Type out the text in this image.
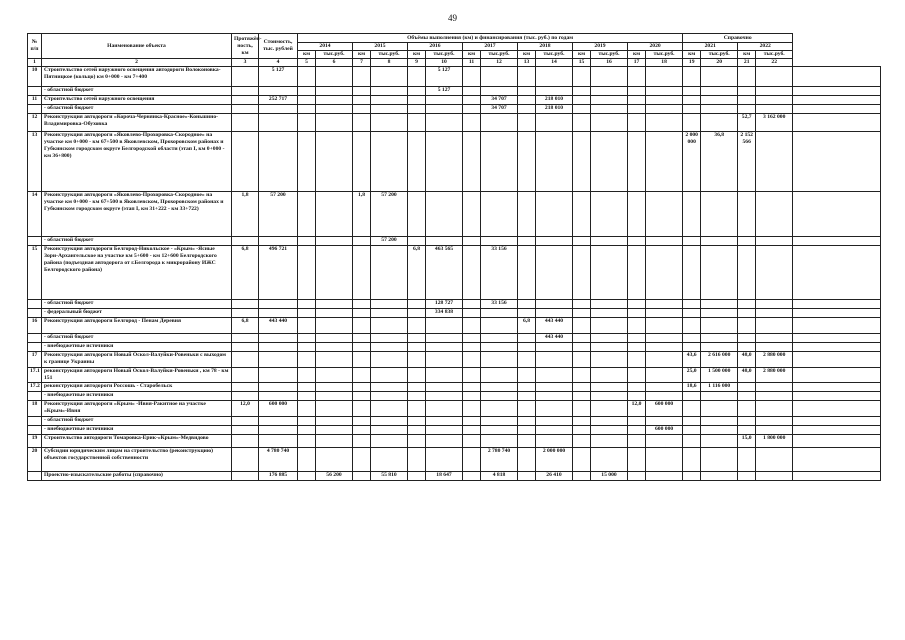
49
№ п/п	Наименование объекта	Протяжён-ность, км	Стоимость, тыс. рублей	Объёмы выполнения (км) и финансирования (тыс. руб.) по годам														Справочно				
				2014		2015		2016		2017		2018		2019		2020		2021		2022		
				км	тыс.руб.	км	тыс.руб.	км	тыс.руб.	км	тыс.руб.	км	тыс.руб.	км	тыс.руб.	км	тыс.руб.	км	тыс.руб.	км	тыс.руб.	
1	2	3	4	5	6	7	8	9	10	11	12	13	14	15	16	17	18	19	20	21	22	
10	Строительство сетей наружного освещения автодороги Волоконовка-Пятницкое (кольцо) км 0+000 - км 7+400		5 127						5 127													
	- областной бюджет								5 127													
11	Строительство сетей наружного освещения		252 717								34 707		218 010									
	- областной бюджет										34 707		218 010									
12	Реконструкция автодороги «Короча-Чернянка-Красное»-Коньшино-Владимировка-Обуховка																			52,7	3 162 000	
13	Реконструкция автодороги «Яковлево-Прохоровка-Скородное» на участке км 0+000 - км 67+500 в Яковлевском, Прохоровском районах и Губкинском городском округе Белгородской области (этап I, км 0+000 - км 36+800)																	2 000 000	36,8	2 152 566		
14	Реконструкция автодороги «Яковлево-Прохоровка-Скородное» на участке км 0+000 - км 67+500 в Яковлевском, Прохоровском районах и Губкинском городском округе (этап I, км 31+222 - км 33+722)	1,8	57 200			1,8	57 200															
	- областной бюджет						57 200															
15	Реконструкция автодороги Белгород-Никольское - «Крым» -Ясные Зори-Архангельское на участке км 5+600 - км 12+600 Белгородского района (подъездная автодорога от г.Белгорода к микрорайону ИЖС Белгородского района)	6,8	496 721					6,8	463 565		33 156											
	- областной бюджет								128 727		33 156											
	- федеральный бюджет								334 838													
16	Реконструкция автодороги Белгород - Пенам Деревня	6,8	443 440									6,8	443 440									
	- областной бюджет												443 440									
	- внебюджетные источники																					
17	Реконструкция автодороги Новый Оскол-Валуйки-Ровеньки с выходом к границе Украины																	43,6	2 616 000	48,0	2 880 000	
17.1	реконструкция автодороги Новый Оскол-Валуйки-Ровеньки , км 78 - км 151																	25,0	1 500 000	48,0	2 880 000	
17.2	реконструкция автодороги Россошь - Старобельск																	18,6	1 116 000			
	- внебюджетные источники																					
18	Реконструкция автодороги «Крым» -Ивня-Ракитное на участке «Крым»-Ивня	12,0	600 000													12,0	600 000					
	- областной бюджет																					
	- внебюджетные источники																600 000					
19	Строительство автодороги Томаровка-Ерик-«Крым»-Медвидово																			15,0	1 800 000	
20	Субсидии юридическим лицам на строительство (реконструкцию) объектов государственной собственности		4 780 740								2 780 740		2 000 000									
	Проектно-изыскательские работы (справочно)		176 885		56 200		55 810		18 647		4 818		26 410		15 000							
